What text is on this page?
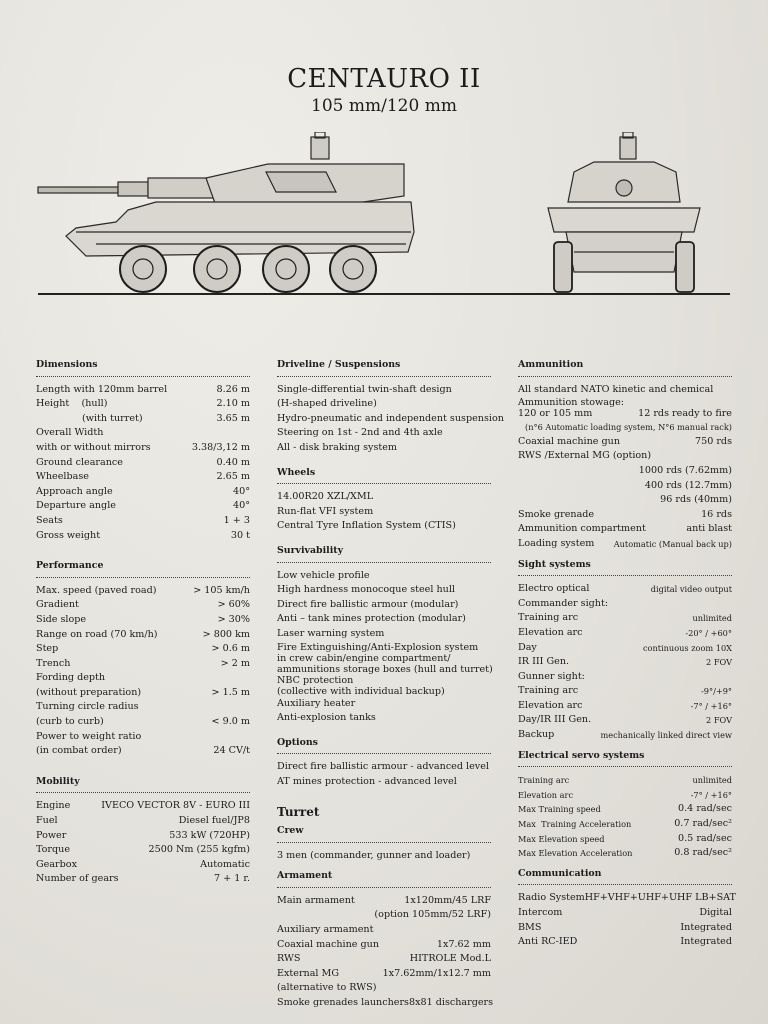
CENTAURO II
105 mm/120 mm
Dimensions
Length with 120mm barrel	8.26 m
Height    (hull)	2.10 m
(with turret)	3.65 m
Overall Width
with or without mirrors	3.38/3,12 m
Ground clearance	0.40 m
Wheelbase	2.65 m
Approach angle	40°
Departure angle	40°
Seats	1 + 3
Gross weight	30 t
Performance
Max. speed (paved road)	> 105 km/h
Gradient	> 60%
Side slope	> 30%
Range on road (70 km/h)	> 800 km
Step	> 0.6 m
Trench	> 2 m
Fording depth
(without preparation)	> 1.5 m
Turning circle radius
(curb to curb)	< 9.0 m
Power to weight ratio
(in combat order)	24 CV/t
Mobility
Engine	IVECO VECTOR 8V - EURO III
Fuel	Diesel fuel/JP8
Power	533 kW (720HP)
Torque	2500 Nm (255 kgfm)
Gearbox	Automatic
Number of gears	7 + 1 r.
Driveline / Suspensions
Single-differential twin-shaft design
(H-shaped driveline)
Hydro-pneumatic and independent suspension
Steering on 1st - 2nd and 4th axle
All - disk braking system
Wheels
14.00R20 XZL/XML
Run-flat VFI system
Central Tyre Inflation System (CTIS)
Survivability
Low vehicle profile
High hardness monocoque steel hull
Direct fire ballistic armour (modular)
Anti – tank mines protection (modular)
Laser warning system
Fire Extinguishing/Anti-Explosion system
in crew cabin/engine compartment/
ammunitions storage boxes (hull and turret)
NBC protection
(collective with individual backup)
Auxiliary heater
Anti-explosion tanks
Options
Direct fire ballistic armour - advanced level
AT mines protection - advanced level
Turret
Crew
3 men (commander, gunner and loader)
Armament
Main armament	1x120mm/45 LRF
(option 105mm/52 LRF)
Auxiliary armament
Coaxial machine gun	1x7.62 mm
RWS	HITROLE Mod.L
External MG	1x7.62mm/1x12.7 mm
(alternative to RWS)
Smoke grenades launchers 8x81 dischargers
Ammunition
All standard NATO kinetic and chemical
Ammunition stowage:
120 or 105 mm	12 rds ready to fire
(n°6 Automatic loading system, N°6 manual rack)
Coaxial machine gun	750 rds
RWS /External MG (option)
1000 rds (7.62mm)
400 rds (12.7mm)
96 rds (40mm)
Smoke grenade	16 rds
Ammunition compartment	anti blast
Loading system Automatic (Manual back up)
Sight systems
Electro optical	digital video output
Commander sight:
Training arc	unlimited
Elevation arc	-20° / +60°
Day	continuous zoom 10X
IR III Gen.	2 FOV
Gunner sight:
Training arc	-9°/+9°
Elevation arc	-7° / +16°
Day/IR III Gen.	2 FOV
Backup	mechanically linked direct view
Electrical servo systems
Training arc	unlimited
Elevation arc	-7° / +16°
Max Training speed	0.4 rad/sec
Max  Training Acceleration	0.7 rad/sec²
Max Elevation speed	0.5 rad/sec
Max Elevation Acceleration	0.8 rad/sec²
Communication
Radio System HF+VHF+UHF+UHF LB+SAT
Intercom	Digital
BMS	Integrated
Anti RC-IED	Integrated
